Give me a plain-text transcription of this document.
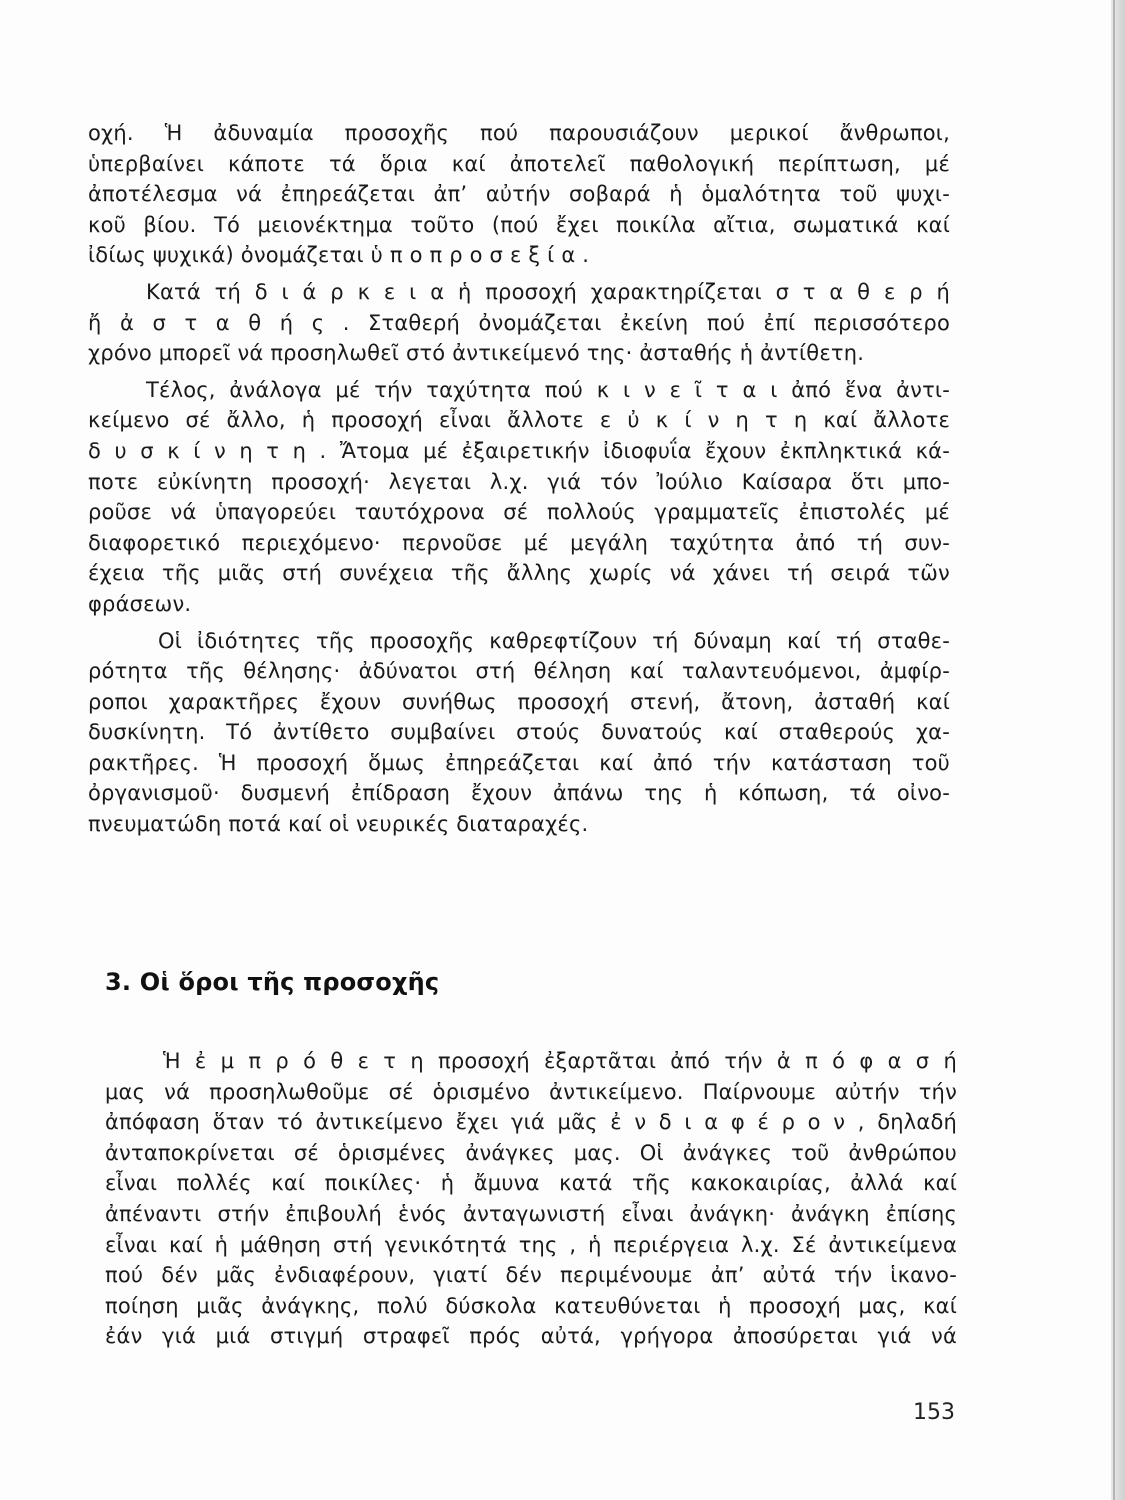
οχή. Ἡ ἀδυναμία προσοχῆς πού παρουσιάζουν μερικοί ἄνθρωποι,
ὑπερβαίνει κάποτε τά ὅρια καί ἀποτελεῖ παθολογική περίπτωση, μέ
ἀποτέλεσμα νά ἐπηρεάζεται ἀπ’ αὐτήν σοβαρά ἡ ὁμαλότητα τοῦ ψυχι-
κοῦ βίου. Τό μειονέκτημα τοῦτο (πού ἔχει ποικίλα αἴτια, σωματικά καί
ἰδίως ψυχικά) ὀνομάζεται ὑ π ο π ρ ο σ ε ξ ί α .

Κατά τή δ ι ά ρ κ ε ι α ἡ προσοχή χαρακτηρίζεται σ τ α θ ε ρ ή
ἤ ἀ σ τ α θ ή ς . Σταθερή ὀνομάζεται ἐκείνη πού ἐπί περισσότερο
χρόνο μπορεῖ νά προσηλωθεῖ στό ἀντικείμενό της· ἀσταθής ἡ ἀντίθετη.

Τέλος, ἀνάλογα μέ τήν ταχύτητα πού κ ι ν ε ῖ τ α ι ἀπό ἕνα ἀντι-
κείμενο σέ ἄλλο, ἡ προσοχή εἶναι ἄλλοτε ε ὐ κ ί ν η τ η καί ἄλλοτε
δ υ σ κ ί ν η τ η . Ἄτομα μέ ἐξαιρετικήν ἰδιοφυΐα ἔχουν ἐκπληκτικά κά-
ποτε εὐκίνητη προσοχή· λεγεται λ.χ. γιά τόν Ἰούλιο Καίσαρα ὅτι μπο-
ροῦσε νά ὑπαγορεύει ταυτόχρονα σέ πολλούς γραμματεῖς ἐπιστολές μέ
διαφορετικό περιεχόμενο· περνοῦσε μέ μεγάλη ταχύτητα ἀπό τή συν-
έχεια τῆς μιᾶς στή συνέχεια τῆς ἄλλης χωρίς νά χάνει τή σειρά τῶν
φράσεων.

Οἱ ἰδιότητες τῆς προσοχῆς καθρεφτίζουν τή δύναμη καί τή σταθε-
ρότητα τῆς θέλησης· ἀδύνατοι στή θέληση καί ταλαντευόμενοι, ἀμφίρ-
ροποι χαρακτῆρες ἔχουν συνήθως προσοχή στενή, ἄτονη, ἀσταθή καί
δυσκίνητη. Τό ἀντίθετο συμβαίνει στούς δυνατούς καί σταθερούς χα-
ρακτῆρες. Ἡ προσοχή ὅμως ἐπηρεάζεται καί ἀπό τήν κατάσταση τοῦ
ὀργανισμοῦ· δυσμενή ἐπίδραση ἔχουν ἀπάνω της ἡ κόπωση, τά οἰνο-
πνευματώδη ποτά καί οἱ νευρικές διαταραχές.

3. Οἱ ὅροι τῆς προσοχῆς

Ἡ ἐ μ π ρ ό θ ε τ η προσοχή ἐξαρτᾶται ἀπό τήν ἀ π ό φ α σ ή
μας νά προσηλωθοῦμε σέ ὁρισμένο ἀντικείμενο. Παίρνουμε αὐτήν τήν
ἀπόφαση ὅταν τό ἀντικείμενο ἔχει γιά μᾶς ἐ ν δ ι α φ έ ρ ο ν , δηλαδή
ἀνταποκρίνεται σέ ὁρισμένες ἀνάγκες μας. Οἱ ἀνάγκες τοῦ ἀνθρώπου
εἶναι πολλές καί ποικίλες· ἡ ἄμυνα κατά τῆς κακοκαιρίας, ἀλλά καί
ἀπέναντι στήν ἐπιβουλή ἑνός ἀνταγωνιστή εἶναι ἀνάγκη· ἀνάγκη ἐπίσης
εἶναι καί ἡ μάθηση στή γενικότητά της , ἡ περιέργεια λ.χ. Σέ ἀντικείμενα
πού δέν μᾶς ἐνδιαφέρουν, γιατί δέν περιμένουμε ἀπ’ αὐτά τήν ἱκανο-
ποίηση μιᾶς ἀνάγκης, πολύ δύσκολα κατευθύνεται ἡ προσοχή μας, καί
ἐάν γιά μιά στιγμή στραφεῖ πρός αὐτά, γρήγορα ἀποσύρεται γιά νά

153
